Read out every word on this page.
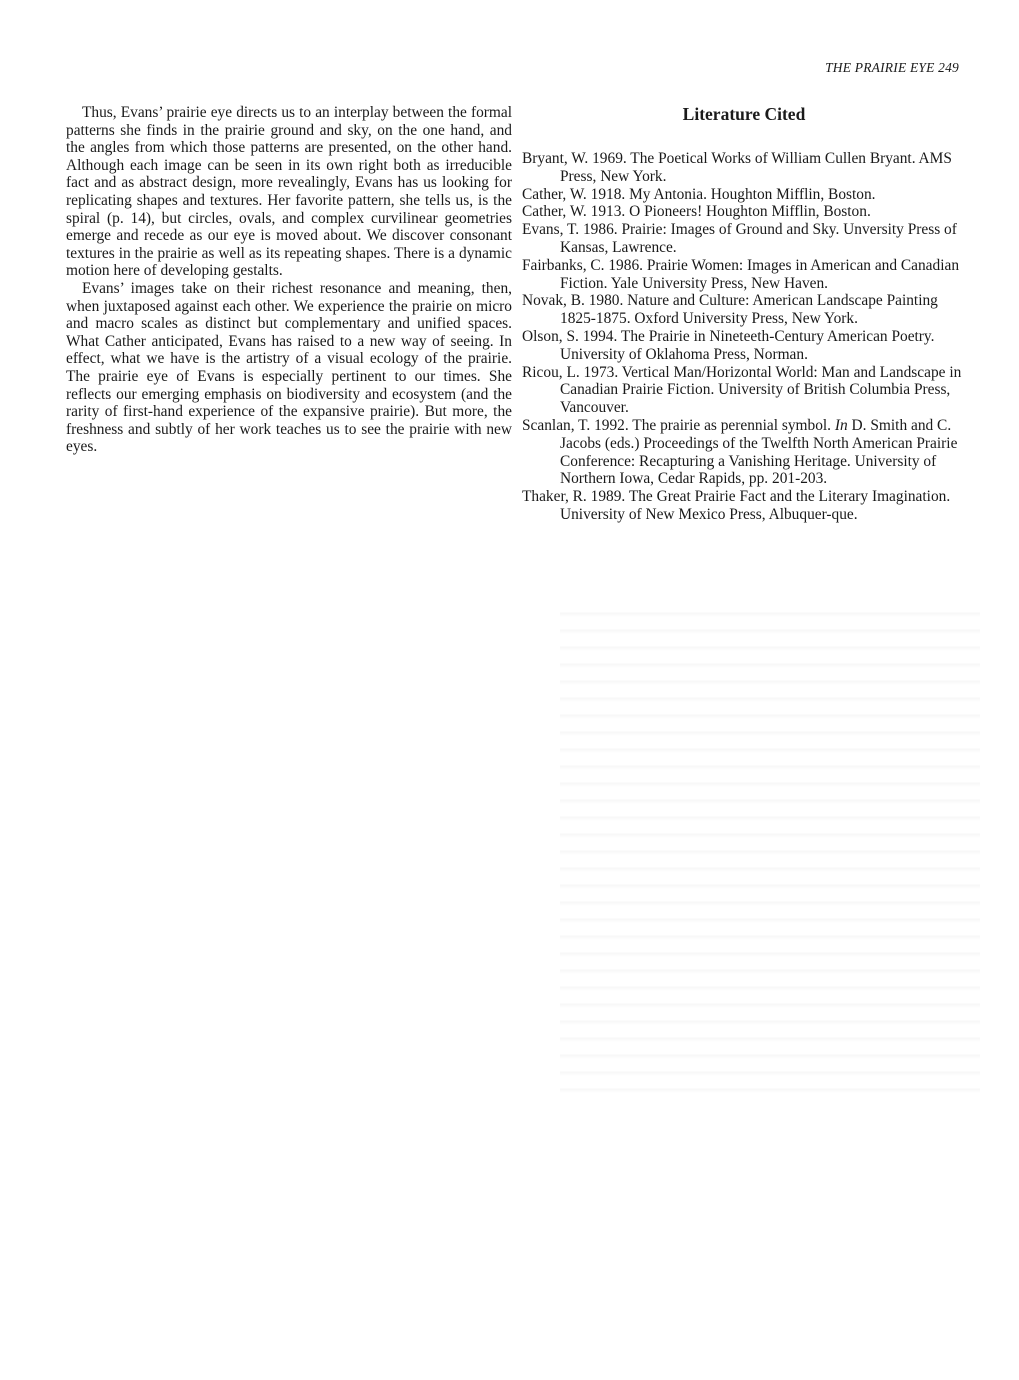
THE PRAIRIE EYE 249

Thus, Evans’ prairie eye directs us to an interplay between the formal patterns she finds in the prairie ground and sky, on the one hand, and the angles from which those patterns are presented, on the other hand. Although each image can be seen in its own right both as irreducible fact and as abstract design, more revealingly, Evans has us looking for replicating shapes and textures. Her favorite pattern, she tells us, is the spiral (p. 14), but circles, ovals, and complex curvilinear geometries emerge and recede as our eye is moved about. We discover consonant textures in the prairie as well as its repeating shapes. There is a dynamic motion here of developing gestalts.

Evans’ images take on their richest resonance and meaning, then, when juxtaposed against each other. We experience the prairie on micro and macro scales as distinct but complementary and unified spaces. What Cather anticipated, Evans has raised to a new way of seeing. In effect, what we have is the artistry of a visual ecology of the prairie. The prairie eye of Evans is especially pertinent to our times. She reflects our emerging emphasis on biodiversity and ecosystem (and the rarity of first-hand experience of the expansive prairie). But more, the freshness and subtly of her work teaches us to see the prairie with new eyes.

Literature Cited
Bryant, W. 1969. The Poetical Works of William Cullen Bryant. AMS Press, New York.
Cather, W. 1918. My Antonia. Houghton Mifflin, Boston.
Cather, W. 1913. O Pioneers! Houghton Mifflin, Boston.
Evans, T. 1986. Prairie: Images of Ground and Sky. Unversity Press of Kansas, Lawrence.
Fairbanks, C. 1986. Prairie Women: Images in American and Canadian Fiction. Yale University Press, New Haven.
Novak, B. 1980. Nature and Culture: American Landscape Painting 1825-1875. Oxford University Press, New York.
Olson, S. 1994. The Prairie in Nineteeth-Century American Poetry. University of Oklahoma Press, Norman.
Ricou, L. 1973. Vertical Man/Horizontal World: Man and Landscape in Canadian Prairie Fiction. University of British Columbia Press, Vancouver.
Scanlan, T. 1992. The prairie as perennial symbol. In D. Smith and C. Jacobs (eds.) Proceedings of the Twelfth North American Prairie Conference: Recapturing a Vanishing Heritage. University of Northern Iowa, Cedar Rapids, pp. 201-203.
Thaker, R. 1989. The Great Prairie Fact and the Literary Imagination. University of New Mexico Press, Albuquer-que.
